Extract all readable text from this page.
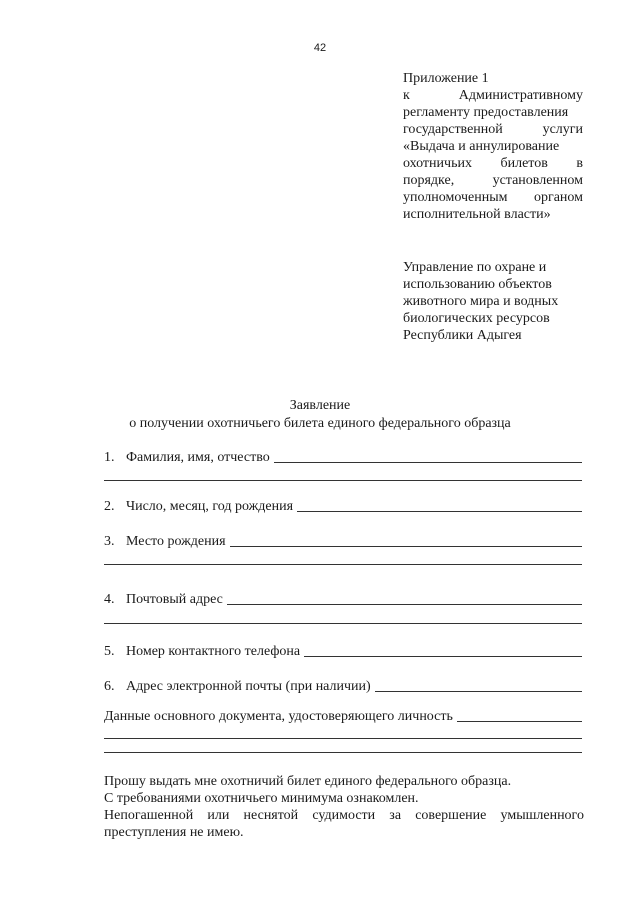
42
Приложение 1
к	Административному
регламенту предоставления
государственной	услуги
«Выдача и аннулирование
охотничьих билетов в
порядке,	установленном
уполномоченным органом
исполнительной власти»
Управление по охране и
использованию объектов
животного мира и водных
биологических ресурсов
Республики Адыгея
Заявление
о получении охотничьего билета единого федерального образца
1. Фамилия, имя, отчество
2. Число, месяц, год рождения
3. Место рождения
4. Почтовый адрес
5. Номер контактного телефона
6. Адрес электронной почты (при наличии)
Данные основного документа, удостоверяющего личность
Прошу выдать мне охотничий билет единого федерального образца.
С требованиями охотничьего минимума ознакомлен.
Непогашенной или неснятой судимости за совершение умышленного
преступления не имею.
